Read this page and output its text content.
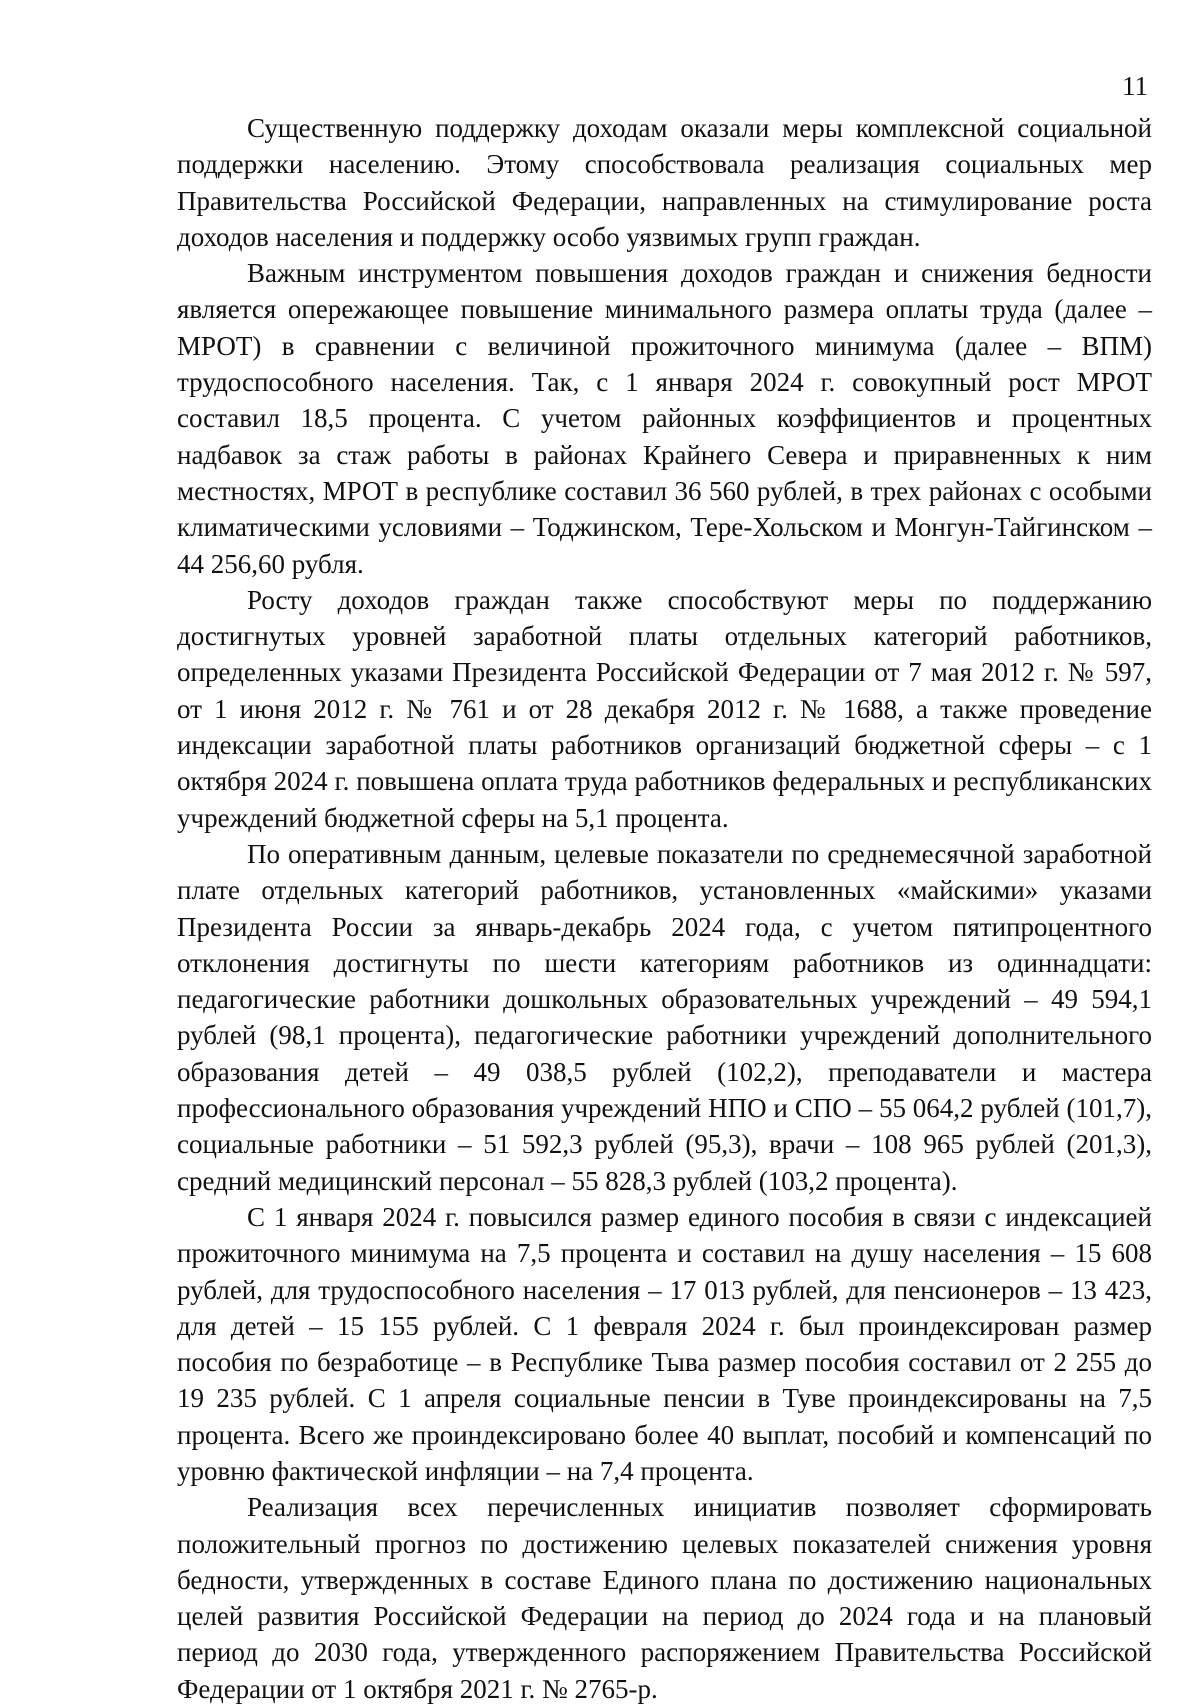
11

Существенную поддержку доходам оказали меры комплексной социальной поддержки населению. Этому способствовала реализация социальных мер Правительства Российской Федерации, направленных на стимулирование роста доходов населения и поддержку особо уязвимых групп граждан.

Важным инструментом повышения доходов граждан и снижения бедности является опережающее повышение минимального размера оплаты труда (далее – МРОТ) в сравнении с величиной прожиточного минимума (далее – ВПМ) трудоспособного населения. Так, с 1 января 2024 г. совокупный рост МРОТ составил 18,5 процента. С учетом районных коэффициентов и процентных надбавок за стаж работы в районах Крайнего Севера и приравненных к ним местностях, МРОТ в республике составил 36 560 рублей, в трех районах с особыми климатическими условиями – Тоджинском, Тере-Хольском и Монгун-Тайгинском – 44 256,60 рубля.

Росту доходов граждан также способствуют меры по поддержанию достигнутых уровней заработной платы отдельных категорий работников, определенных указами Президента Российской Федерации от 7 мая 2012 г. № 597, от 1 июня 2012 г. № 761 и от 28 декабря 2012 г. № 1688, а также проведение индексации заработной платы работников организаций бюджетной сферы – с 1 октября 2024 г. повышена оплата труда работников федеральных и республиканских учреждений бюджетной сферы на 5,1 процента.

По оперативным данным, целевые показатели по среднемесячной заработной плате отдельных категорий работников, установленных «майскими» указами Президента России за январь-декабрь 2024 года, с учетом пятипроцентного отклонения достигнуты по шести категориям работников из одиннадцати: педагогические работники дошкольных образовательных учреждений – 49 594,1 рублей (98,1 процента), педагогические работники учреждений дополнительного образования детей – 49 038,5 рублей (102,2), преподаватели и мастера профессионального образования учреждений НПО и СПО – 55 064,2 рублей (101,7), социальные работники – 51 592,3 рублей (95,3), врачи – 108 965 рублей (201,3), средний медицинский персонал – 55 828,3 рублей (103,2 процента).

С 1 января 2024 г. повысился размер единого пособия в связи с индексацией прожиточного минимума на 7,5 процента и составил на душу населения – 15 608 рублей, для трудоспособного населения – 17 013 рублей, для пенсионеров – 13 423, для детей – 15 155 рублей. С 1 февраля 2024 г. был проиндексирован размер пособия по безработице – в Республике Тыва размер пособия составил от 2 255 до 19 235 рублей. С 1 апреля социальные пенсии в Туве проиндексированы на 7,5 процента. Всего же проиндексировано более 40 выплат, пособий и компенсаций по уровню фактической инфляции – на 7,4 процента.

Реализация всех перечисленных инициатив позволяет сформировать положительный прогноз по достижению целевых показателей снижения уровня бедности, утвержденных в составе Единого плана по достижению национальных целей развития Российской Федерации на период до 2024 года и на плановый период до 2030 года, утвержденного распоряжением Правительства Российской Федерации от 1 октября 2021 г. № 2765-р.
